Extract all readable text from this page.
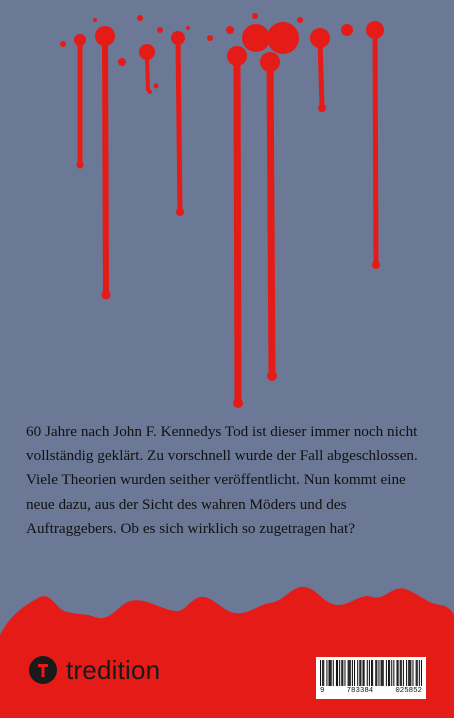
60 Jahre nach John F. Kennedys Tod ist dieser immer noch nicht vollständig geklärt. Zu vorschnell wurde der Fall abgeschlossen. Viele Theorien wurden seither veröffentlicht. Nun kommt eine neue dazu, aus der Sicht des wahren Möders und des Auftraggebers. Ob es sich wirklich so zugetragen hat?

tredition
9	783384	025852
